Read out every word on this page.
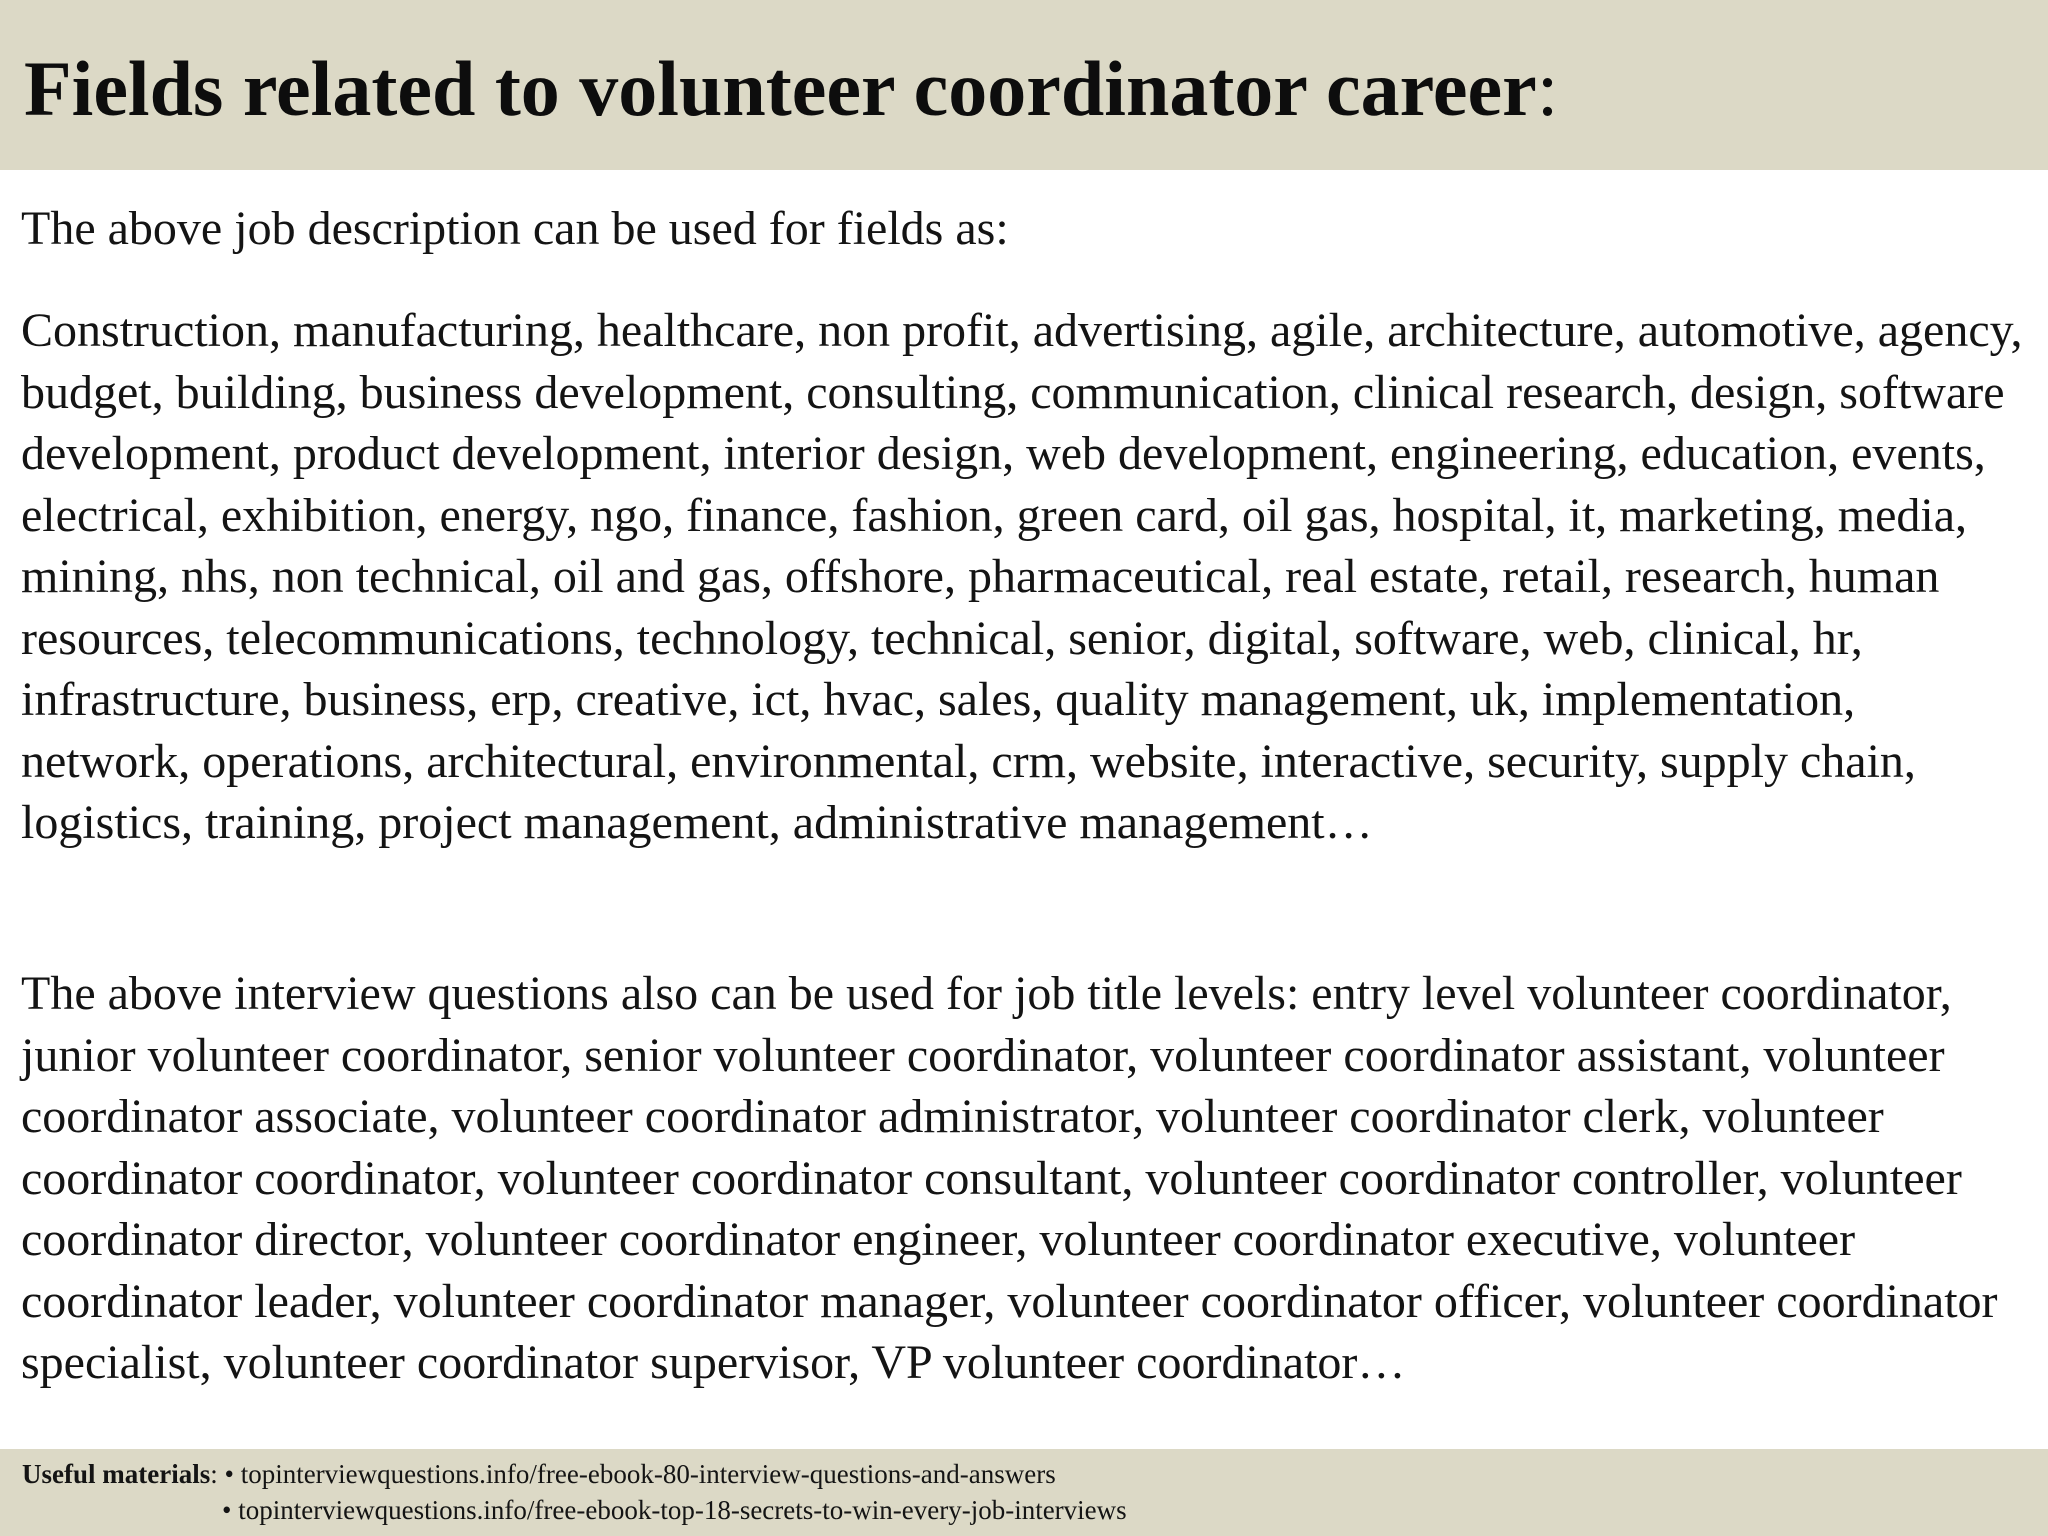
Fields related to volunteer coordinator career:

The above job description can be used for fields as:

Construction, manufacturing, healthcare, non profit, advertising, agile, architecture, automotive, agency, budget, building, business development, consulting, communication, clinical research, design, software development, product development, interior design, web development, engineering, education, events, electrical, exhibition, energy, ngo, finance, fashion, green card, oil gas, hospital, it, marketing, media, mining, nhs, non technical, oil and gas, offshore, pharmaceutical, real estate, retail, research, human resources, telecommunications, technology, technical, senior, digital, software, web, clinical, hr, infrastructure, business, erp, creative, ict, hvac, sales, quality management, uk, implementation, network, operations, architectural, environmental, crm, website, interactive, security, supply chain, logistics, training, project management, administrative management…

The above interview questions also can be used for job title levels: entry level volunteer coordinator, junior volunteer coordinator, senior volunteer coordinator, volunteer coordinator assistant, volunteer coordinator associate, volunteer coordinator administrator, volunteer coordinator clerk, volunteer coordinator coordinator, volunteer coordinator consultant, volunteer coordinator controller, volunteer coordinator director, volunteer coordinator engineer, volunteer coordinator executive, volunteer coordinator leader, volunteer coordinator manager, volunteer coordinator officer, volunteer coordinator specialist, volunteer coordinator supervisor, VP volunteer coordinator…

Useful materials: • topinterviewquestions.info/free-ebook-80-interview-questions-and-answers
• topinterviewquestions.info/free-ebook-top-18-secrets-to-win-every-job-interviews
